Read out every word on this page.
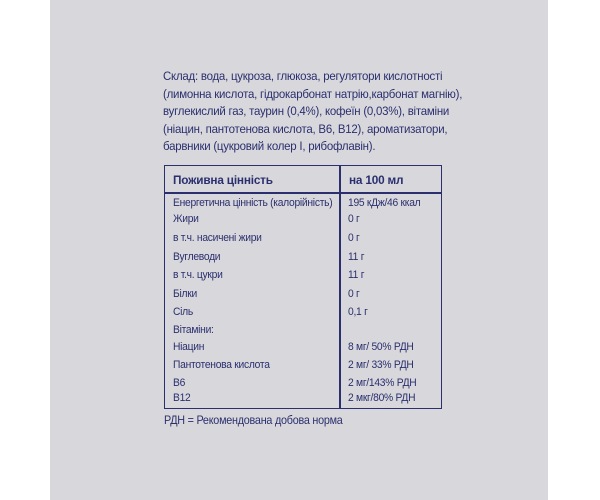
Склад: вода, цукроза, глюкоза, регулятори кислотності
(лимонна кислота, гідрокарбонат натрію,карбонат магнію),
вуглекислий газ, таурин (0,4%), кофеїн (0,03%), вітаміни
(ніацин, пантотенова кислота, B6, B12), ароматизатори,
барвники (цукровий колер I, рибофлавін).
Поживна цінність	на 100 мл
Енергетична цінність (калорійність) 195 кДж/46 ккал
Жири	0 г
в т.ч. насичені жири	0 г
Вуглеводи	11 г
в т.ч. цукри	11 г
Білки	0 г
Сіль	0,1 г
Вітаміни:
Ніацин	8 мг/ 50% РДН
Пантотенова кислота	2 мг/ 33% РДН
B6	2 мг/143% РДН
B12	2 мкг/80% РДН
РДН = Рекомендована добова норма
